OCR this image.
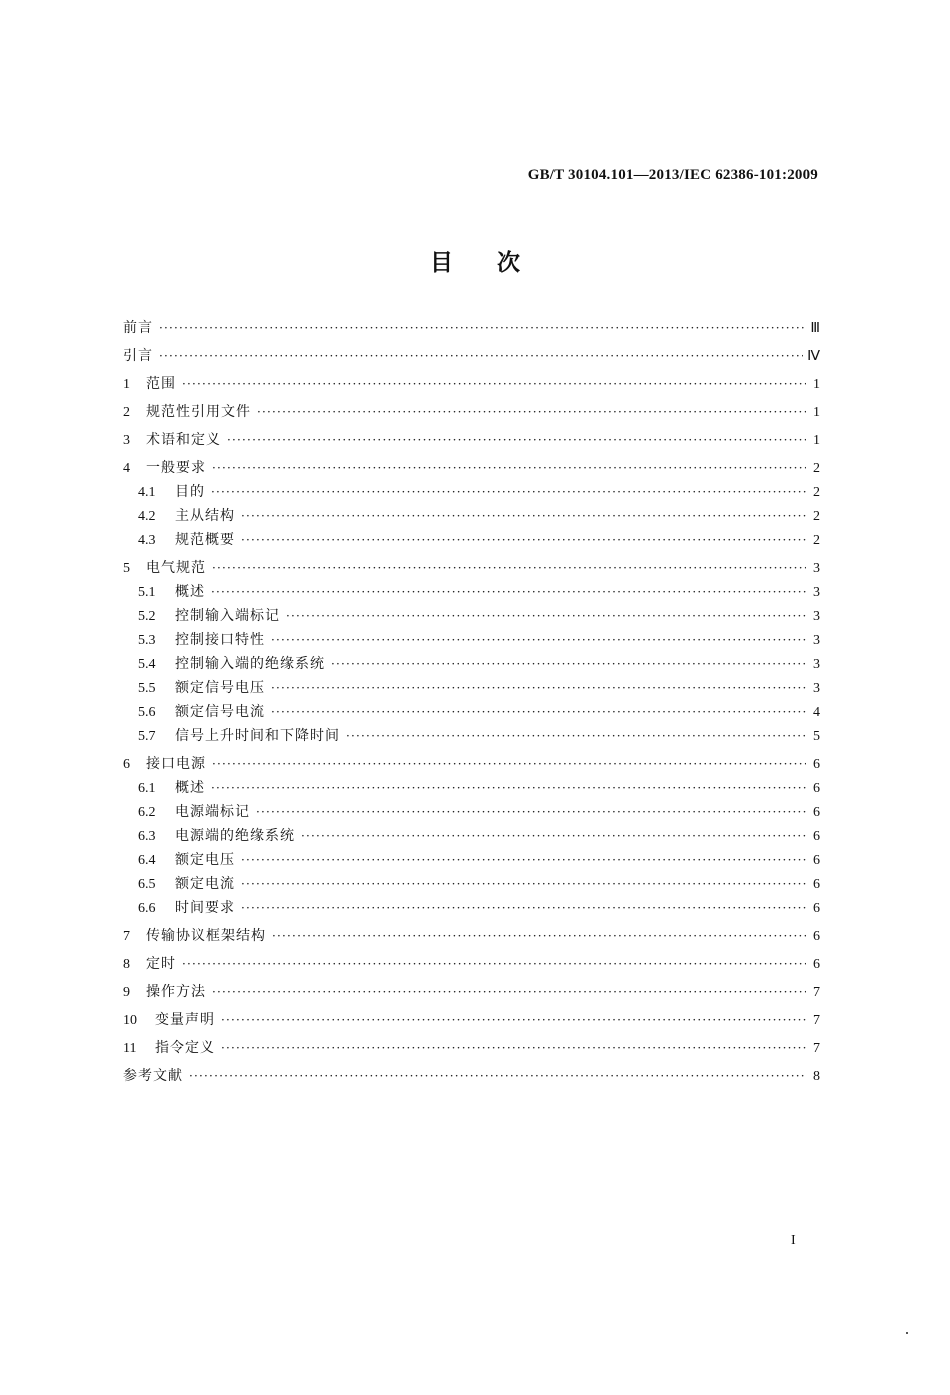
GB/T 30104.101—2013/IEC 62386-101:2009
目次
前言 ·····	Ⅲ
引言 ·····	Ⅳ
1	范围 ·····	1
2	规范性引用文件 ·····	1
3	术语和定义 ·····	1
4	一般要求 ·····	2
4.1	目的 ·····	2
4.2	主从结构 ·····	2
4.3	规范概要 ·····	2
5	电气规范 ·····	3
5.1	概述 ·····	3
5.2	控制输入端标记 ·····	3
5.3	控制接口特性 ·····	3
5.4	控制输入端的绝缘系统 ·····	3
5.5	额定信号电压 ·····	3
5.6	额定信号电流 ·····	4
5.7	信号上升时间和下降时间 ·····	5
6	接口电源 ·····	6
6.1	概述 ·····	6
6.2	电源端标记 ·····	6
6.3	电源端的绝缘系统 ·····	6
6.4	额定电压 ·····	6
6.5	额定电流 ·····	6
6.6	时间要求 ·····	6
7	传输协议框架结构 ·····	6
8	定时 ·····	6
9	操作方法 ·····	7
10	变量声明 ·····	7
11	指令定义 ·····	7
参考文献 ·····	8
I
